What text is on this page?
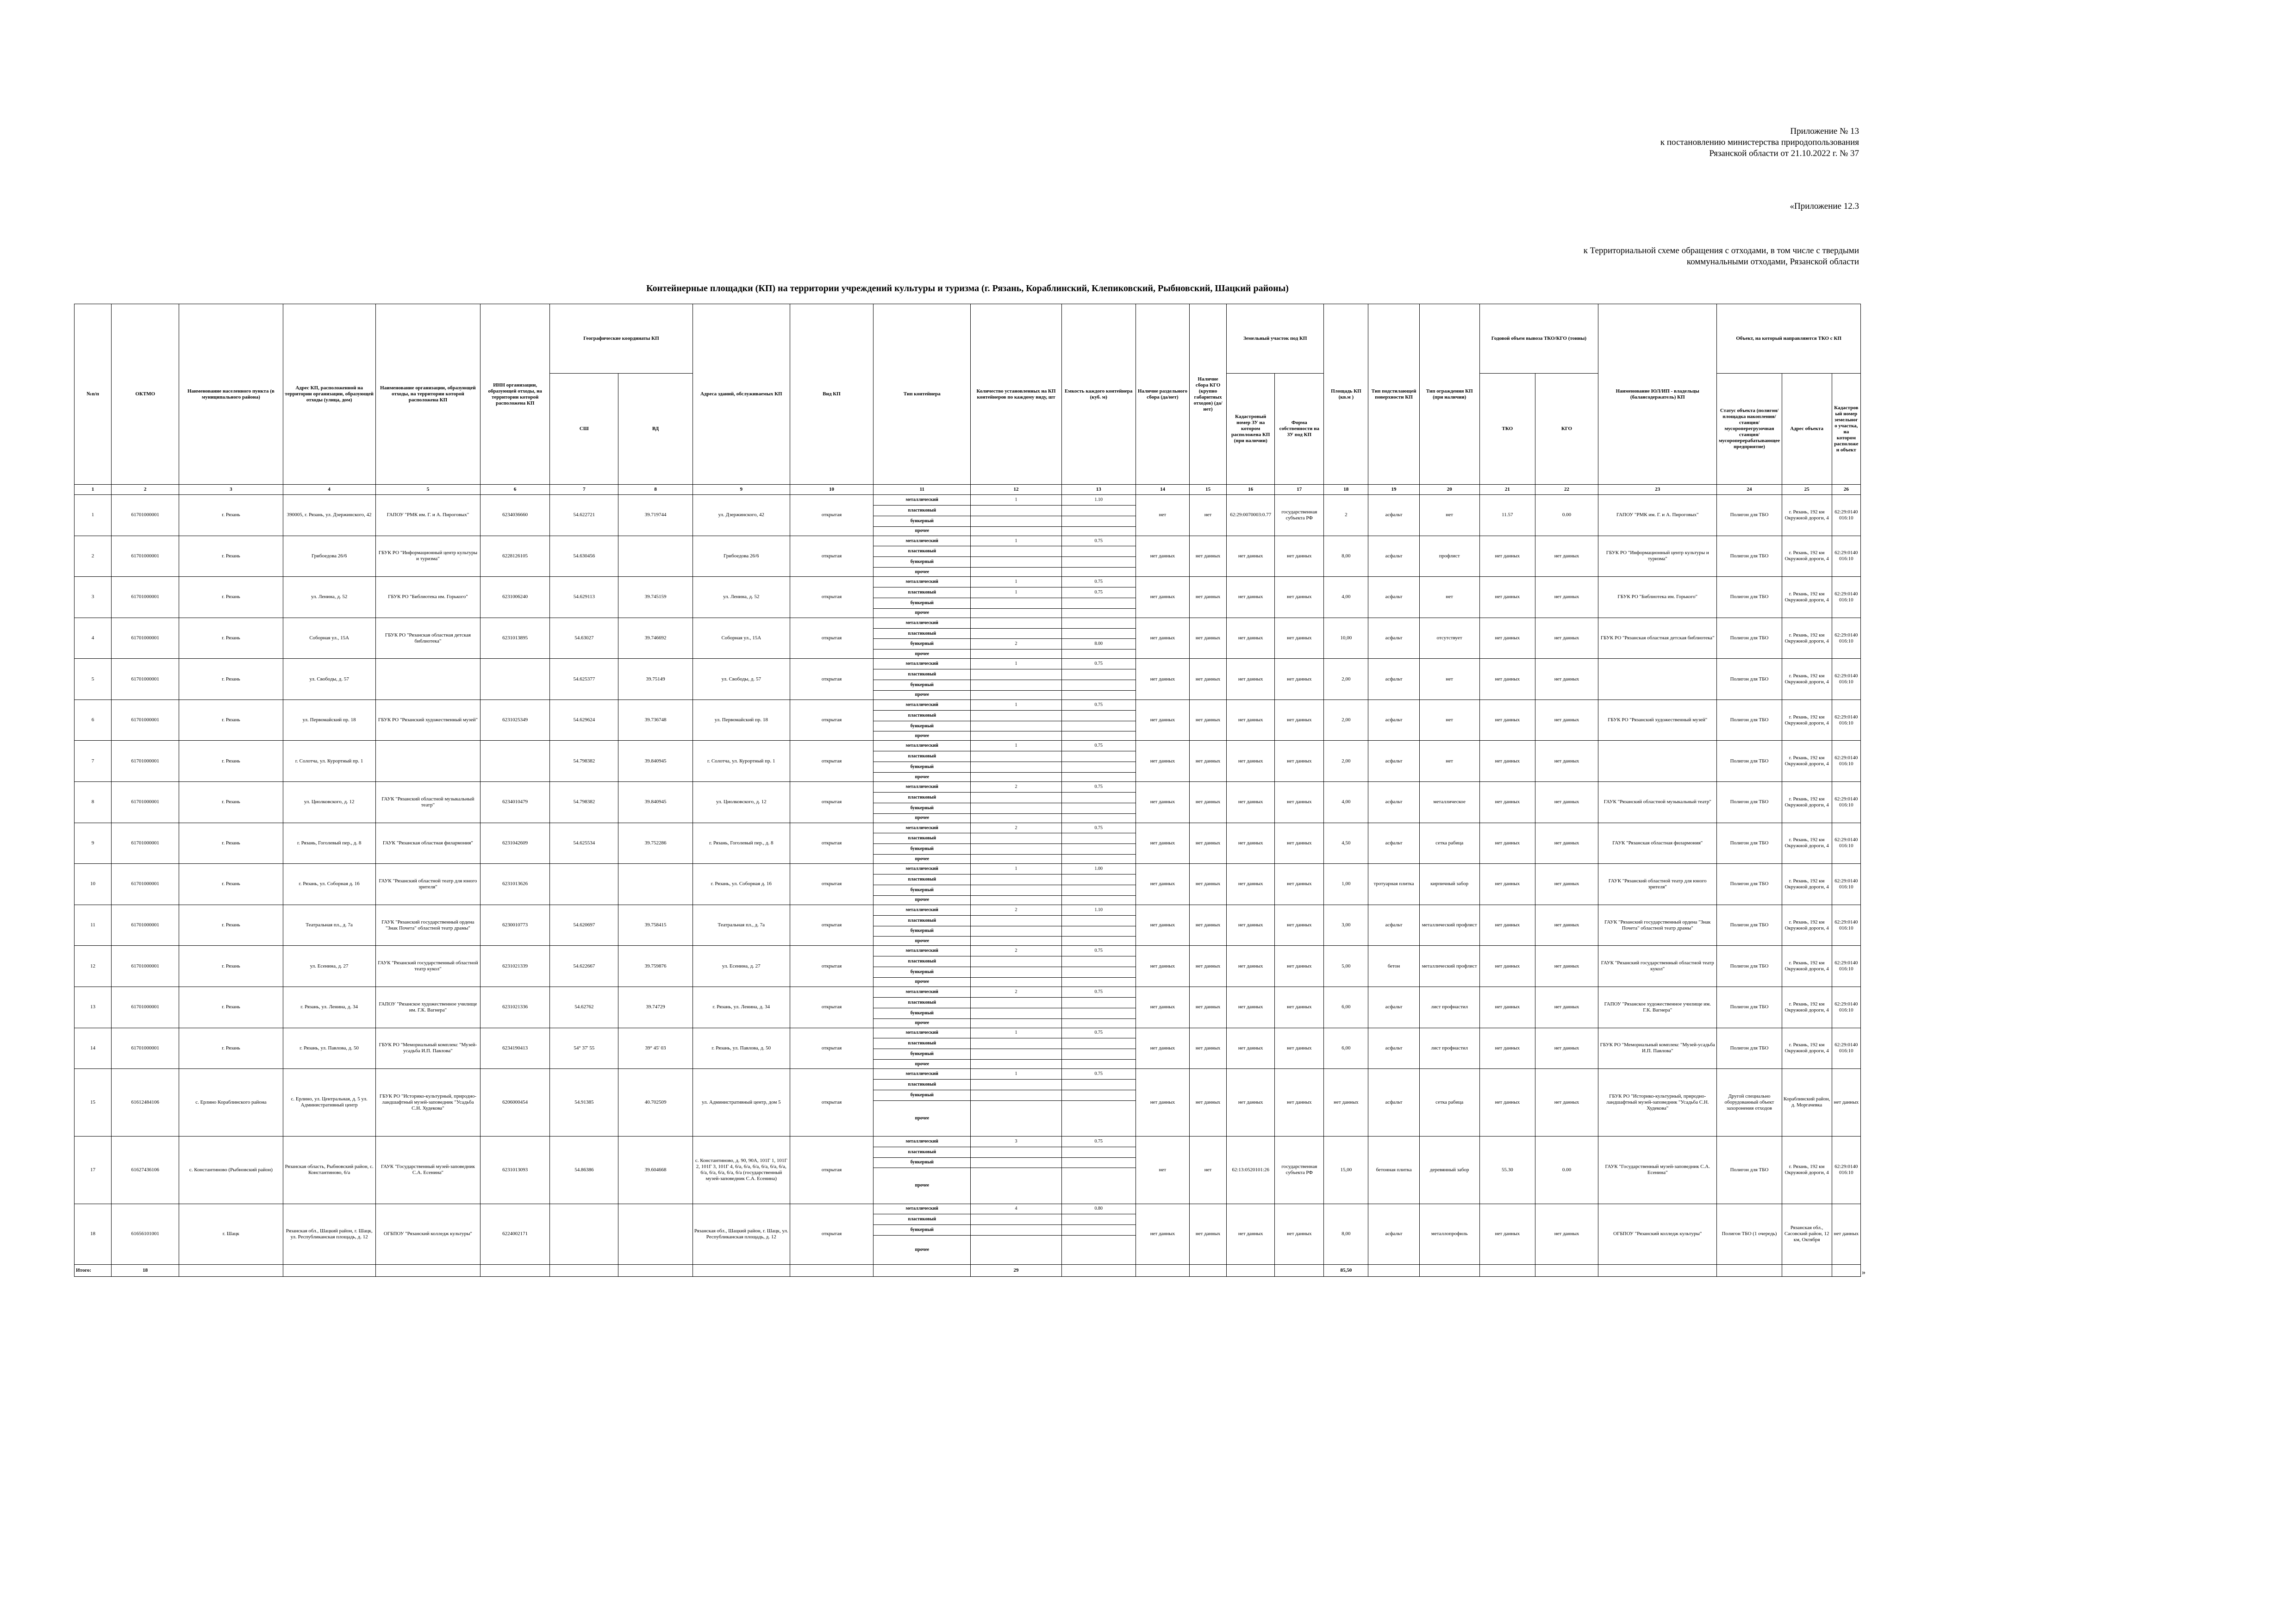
Приложение № 13
к постановлению министерства природопользования
Рязанской области от 21.10.2022 г. № 37
«Приложение 12.3
к Территориальной схеме обращения с отходами, в том числе с твердыми
коммунальными отходами, Рязанской области
Контейнерные площадки (КП) на территории учреждений культуры и туризма (г. Рязань, Кораблинский, Клепиковский, Рыбновский, Шацкий районы)
№п/п	ОКТМО	Наименование населенного пункта (в муниципального района)	Адрес КП, расположенной на территории организации, образующей отходы (улица, дом)	Наименование организации, образующей отходы, на территории которой расположена КП	ИНН организации, образующей отходы, на территории которой расположена КП	Географические координаты КП		Адреса зданий, обслуживаемых КП	Вид КП	Тип контейнера	Количество установленных на КП контейнеров по каждому виду, шт	Емкость каждого контейнера (куб. м)	Наличие раздельного сбора (да/нет)	Наличие сбора КГО (крупно габаритных отходов) (да/нет)	Земельный участок под КП		Площадь КП (кв.м )	Тип подстилающей поверхности КП	Тип ограждения КП (при наличии)	Годовой объем вывоза ТКО/КГО (тонны)		Наименование ЮЛ/ИП - владельцы (балансодержатель) КП	Объект, на который направляются ТКО с КП		
						СШ	ВД								Кадастровый номер ЗУ на котором расположена КП (при наличии)	Форма собственности на ЗУ под КП				ТКО	КГО		Статус объекта (полигон/ площадка накопления/ станция/ мусороперегрузочная станция/ мусороперерабатывающее предприятие)	Адрес объекта	Кадастровый номер земельного участка, на котором расположен объект
1	2	3	4	5	6	7	8	9	10	11	12	13	14	15	16	17	18	19	20	21	22	23	24	25	26
1	61701000001	г. Рязань	390005, г. Рязань, ул. Дзержинского, 42	ГАПОУ "РМК им. Г. и А. Пироговых"	6234036660	54.622721	39.719744	ул. Дзержинского, 42	открытая	металлический	1	1.10	нет	нет	62:29:0070003:0.77	государственная субъекта РФ	2	асфальт	нет	11.57	0.00	ГАПОУ "РМК им. Г. и А. Пироговых"	Полигон для ТБО	г. Рязань, 192 км Окружной дороги, 4	62:29:0140016:10
										пластиковый															
										бункерный															
										прочее															
2	61701000001	г. Рязань	Грибоедова 26/6	ГБУК РО "Информационный центр культуры и туризма"	6228126105	54.630456		Грибоедова 26/6	открытая	металлический	1	0.75	нет данных	нет данных	нет данных	нет данных	8,00	асфальт	профлист	нет данных	нет данных	ГБУК РО "Информационный центр культуры и туризма"	Полигон для ТБО	г. Рязань, 192 км Окружной дороги, 4	62:29:0140016:10
										пластиковый															
										бункерный															
										прочее															
3	61701000001	г. Рязань	ул. Ленина, д. 52	ГБУК РО "Библиотека им. Горького"	6231006240	54.629113	39.745159	ул. Ленина, д. 52	открытая	металлический	1	0.75	нет данных	нет данных	нет данных	нет данных	4,00	асфальт	нет	нет данных	нет данных	ГБУК РО "Библиотека им. Горького"	Полигон для ТБО	г. Рязань, 192 км Окружной дороги, 4	62:29:0140016:10
										пластиковый	1	0.75													
										бункерный															
										прочее															
4	61701000001	г. Рязань	Соборная ул., 15А	ГБУК РО "Рязанская областная детская библиотека"	6231013895	54.63027	39.746692	Соборная ул., 15А	открытая	металлический			нет данных	нет данных	нет данных	нет данных	10,00	асфальт	отсутствует	нет данных	нет данных	ГБУК РО "Рязанская областная детская библиотека"	Полигон для ТБО	г. Рязань, 192 км Окружной дороги, 4	62:29:0140016:10
										пластиковый															
										бункерный	2	8.00													
										прочее															
5	61701000001	г. Рязань	ул. Свободы, д. 57			54.625377	39.75149	ул. Свободы, д. 57	открытая	металлический	1	0.75	нет данных	нет данных	нет данных	нет данных	2,00	асфальт	нет	нет данных	нет данных		Полигон для ТБО	г. Рязань, 192 км Окружной дороги, 4	62:29:0140016:10
										пластиковый															
										бункерный															
										прочее															
6	61701000001	г. Рязань	ул. Первомайский пр. 18	ГБУК РО "Рязанский художественный музей"	6231025349	54.629624	39.736748	ул. Первомайский пр. 18	открытая	металлический	1	0.75	нет данных	нет данных	нет данных	нет данных	2,00	асфальт	нет	нет данных	нет данных	ГБУК РО "Рязанский художественный музей"	Полигон для ТБО	г. Рязань, 192 км Окружной дороги, 4	62:29:0140016:10
										пластиковый															
										бункерный															
										прочее															
7	61701000001	г. Рязань	г. Солотча, ул. Курортный пр. 1			54.798382	39.840945	г. Солотча, ул. Курортный пр. 1	открытая	металлический	1	0.75	нет данных	нет данных	нет данных	нет данных	2,00	асфальт	нет	нет данных	нет данных		Полигон для ТБО	г. Рязань, 192 км Окружной дороги, 4	62:29:0140016:10
										пластиковый															
										бункерный															
										прочее															
8	61701000001	г. Рязань	ул. Циолковского, д. 12	ГАУК "Рязанский областной музыкальный театр"	6234010479	54.798382	39.840945	ул. Циолковского, д. 12	открытая	металлический	2	0.75	нет данных	нет данных	нет данных	нет данных	4,00	асфальт	металлическое	нет данных	нет данных	ГАУК "Рязанский областной музыкальный театр"	Полигон для ТБО	г. Рязань, 192 км Окружной дороги, 4	62:29:0140016:10
										пластиковый															
										бункерный															
										прочее															
9	61701000001	г. Рязань	г. Рязань, Гоголевый пер., д. 8	ГАУК "Рязанская областная филармония"	6231042609	54.625534	39.752286	г. Рязань, Гоголевый пер., д. 8	открытая	металлический	2	0.75	нет данных	нет данных	нет данных	нет данных	4,50	асфальт	сетка рабица	нет данных	нет данных	ГАУК "Рязанская областная филармония"	Полигон для ТБО	г. Рязань, 192 км Окружной дороги, 4	62:29:0140016:10
										пластиковый															
										бункерный															
										прочее															
10	61701000001	г. Рязань	г. Рязань, ул. Соборная д. 16	ГАУК "Рязанский областной театр для юного зрителя"	6231013626			г. Рязань, ул. Соборная д. 16	открытая	металлический	1	1.00	нет данных	нет данных	нет данных	нет данных	1,00	тротуарная плитка	кирпичный забор	нет данных	нет данных	ГАУК "Рязанский областной театр для юного зрителя"	Полигон для ТБО	г. Рязань, 192 км Окружной дороги, 4	62:29:0140016:10
										пластиковый															
										бункерный															
										прочее															
11	61701000001	г. Рязань	Театральная пл., д. 7а	ГАУК "Рязанский государственный ордена "Знак Почета" областной театр драмы"	6230010773	54.620697	39.758415	Театральная пл., д. 7а	открытая	металлический	2	1.10	нет данных	нет данных	нет данных	нет данных	3,00	асфальт	металлический профлист	нет данных	нет данных	ГАУК "Рязанский государственный ордена "Знак Почета" областной театр драмы"	Полигон для ТБО	г. Рязань, 192 км Окружной дороги, 4	62:29:0140016:10
										пластиковый															
										бункерный															
										прочее															
12	61701000001	г. Рязань	ул. Есенина, д. 27	ГАУК "Рязанский государственный областной театр кукол"	6231021339	54.622667	39.759876	ул. Есенина, д. 27	открытая	металлический	2	0.75	нет данных	нет данных	нет данных	нет данных	5,00	бетон	металлический профлист	нет данных	нет данных	ГАУК "Рязанский государственный областной театр кукол"	Полигон для ТБО	г. Рязань, 192 км Окружной дороги, 4	62:29:0140016:10
										пластиковый															
										бункерный															
										прочее															
13	61701000001	г. Рязань	г. Рязань, ул. Ленина, д. 34	ГАПОУ "Рязанское художественное училище им. Г.К. Вагнера"	6231021336	54.62762	39.74729	г. Рязань, ул. Ленина, д. 34	открытая	металлический	2	0.75	нет данных	нет данных	нет данных	нет данных	6,00	асфальт	лист профнастил	нет данных	нет данных	ГАПОУ "Рязанское художественное училище им. Г.К. Вагнера"	Полигон для ТБО	г. Рязань, 192 км Окружной дороги, 4	62:29:0140016:10
										пластиковый															
										бункерный															
										прочее															
14	61701000001	г. Рязань	г. Рязань, ул. Павлова, д. 50	ГБУК РО "Мемориальный комплекс "Музей-усадьба И.П. Павлова"	6234190413	54° 37' 55	39° 45' 03	г. Рязань, ул. Павлова, д. 50	открытая	металлический	1	0.75	нет данных	нет данных	нет данных	нет данных	6,00	асфальт	лист профнастил	нет данных	нет данных	ГБУК РО "Мемориальный комплекс "Музей-усадьба И.П. Павлова"	Полигон для ТБО	г. Рязань, 192 км Окружной дороги, 4	62:29:0140016:10
										пластиковый															
										бункерный															
										прочее															
15	61612484106	с. Ерлино Кораблинского района	с. Ерлино, ул. Центральная, д. 5 ул. Административный центр	ГБУК РО "Историко-культурный, природно-ландшафтный музей-заповедник "Усадьба С.Н. Худекова"	6206000454	54.91385	40.702509	ул. Административный центр, дом 5	открытая	металлический	1	0.75	нет данных	нет данных	нет данных	нет данных	нет данных	асфальт	сетка рабица	нет данных	нет данных	ГБУК РО "Историко-культурный, природно-ландшафтный музей-заповедник "Усадьба С.Н. Худекова"	Другой специально оборудованный объект захоронения отходов	Кораблинский район, д. Моргачевка	нет данных
										пластиковый															
										бункерный															
										прочее															
17	61627436106	с. Константиново (Рыбновский район)	Рязанская область, Рыбновский район, с. Константиново, 6/а	ГАУК "Государственный музей-заповедник С.А. Есенина"	6231013093	54.86386	39.604668	с. Константиново, д. 90, 90А, 101Г 1, 101Г 2, 101Г 3, 101Г 4, 6/а, 6/а, 6/а, 6/а, 6/а, 6/а, 6/а, 6/а, 6/а, 6/а, 6/а (государственный музей-заповедник С.А. Есенина)	открытая	металлический	3	0.75	нет	нет	62:13:0520101:26	государственная субъекта РФ	15,00	бетонная плитка	деревянный забор	55.30	0.00	ГАУК "Государственный музей-заповедник С.А. Есенина"	Полигон для ТБО	г. Рязань, 192 км Окружной дороги, 4	62:29:0140016:10
										пластиковый															
										бункерный															
										прочее															
18	61656101001	г. Шацк	Рязанская обл., Шацкий район, г. Шацк, ул. Республиканская площадь, д. 12	ОГБПОУ "Рязанский колледж культуры"	6224002171			Рязанская обл., Шацкий район, г. Шацк, ул. Республиканская площадь, д. 12	открытая	металлический	4	0.80	нет данных	нет данных	нет данных	нет данных	8,00	асфальт	металлопрофиль	нет данных	нет данных	ОГБПОУ "Рязанский колледж культуры"	Полигон ТБО (1 очередь)	Рязанская обл., Сасовский район, 12 км, Октября	нет данных
										пластиковый															
										бункерный															
										прочее															
Итого:	18										29						85,50									»
